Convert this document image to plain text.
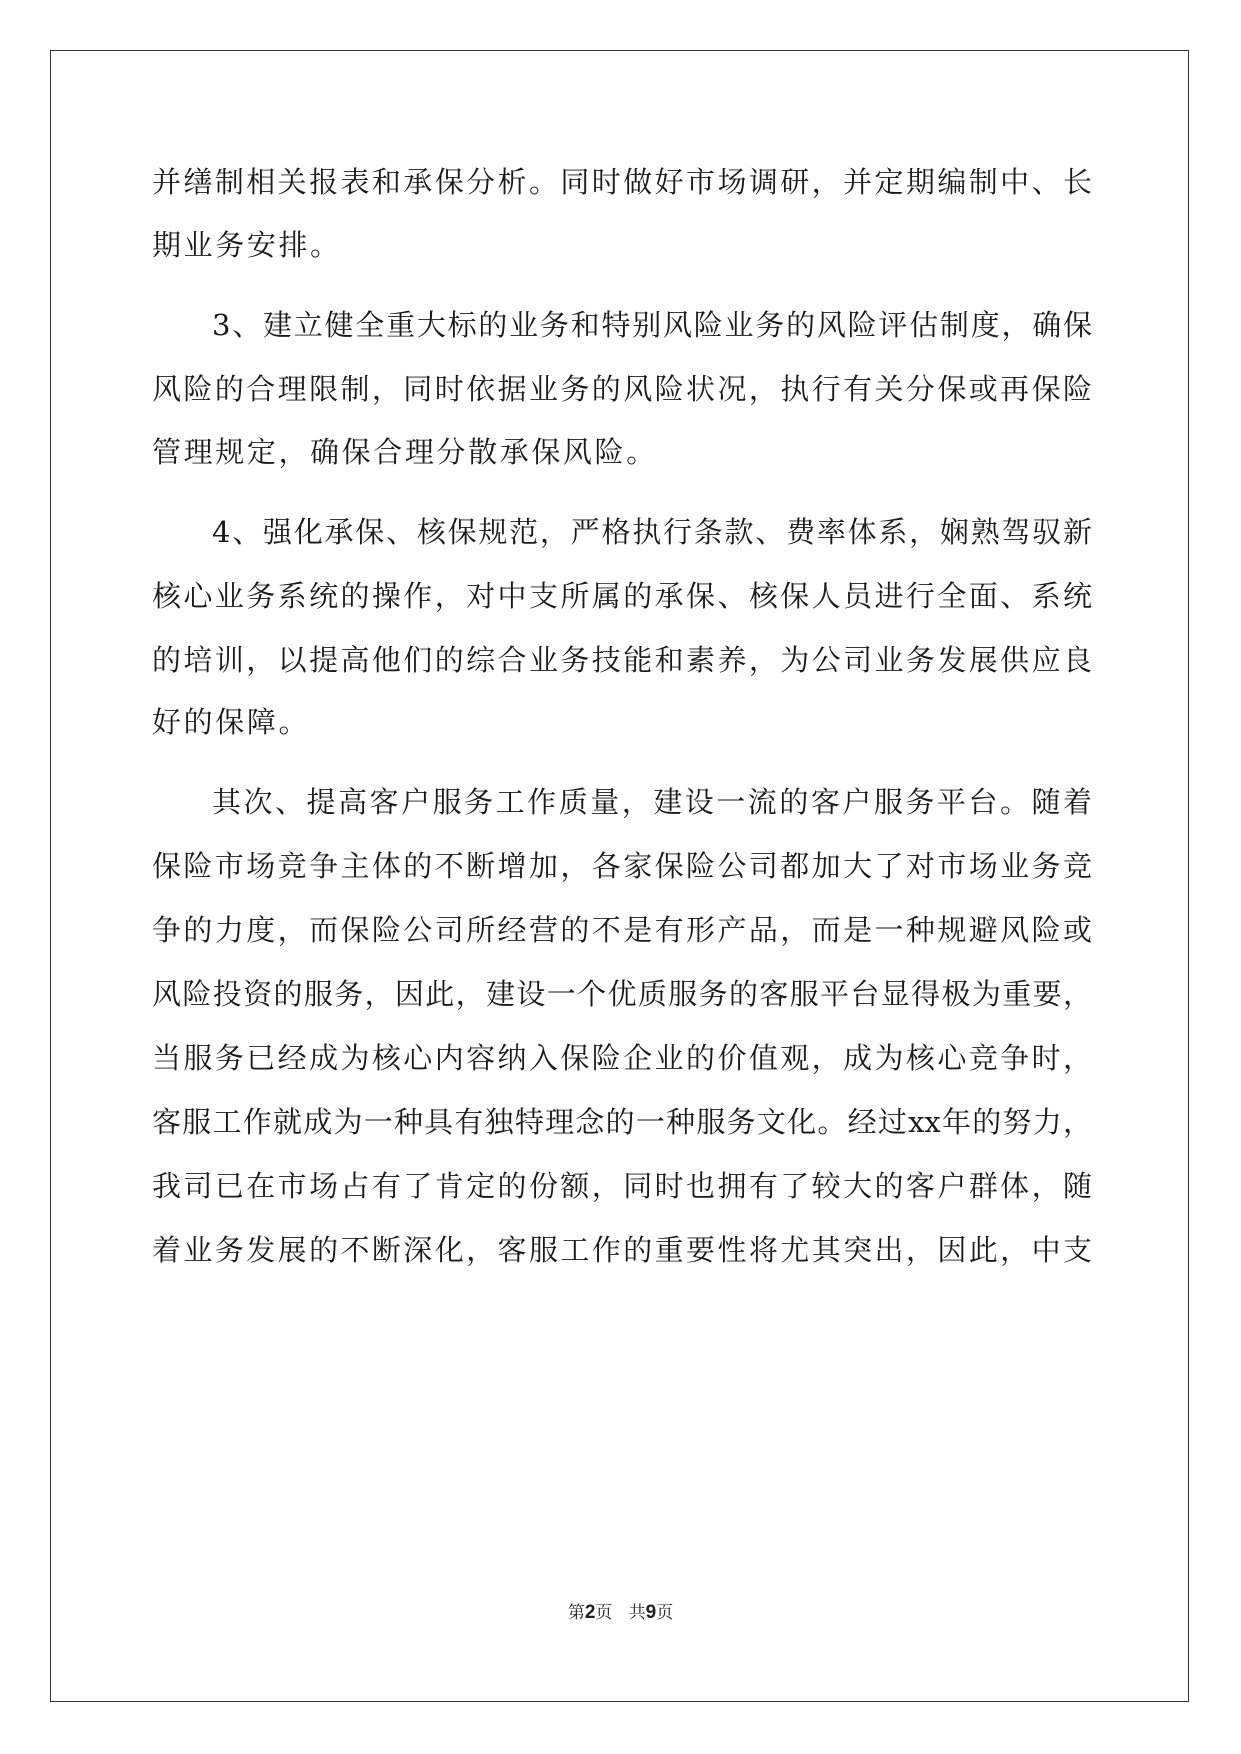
并缮制相关报表和承保分析。同时做好市场调研，并定期编制中、长
期业务安排。
3、建立健全重大标的业务和特别风险业务的风险评估制度，确保
风险的合理限制，同时依据业务的风险状况，执行有关分保或再保险
管理规定，确保合理分散承保风险。
4、强化承保、核保规范，严格执行条款、费率体系，娴熟驾驭新
核心业务系统的操作，对中支所属的承保、核保人员进行全面、系统
的培训，以提高他们的综合业务技能和素养，为公司业务发展供应良
好的保障。
其次、提高客户服务工作质量，建设一流的客户服务平台。随着
保险市场竞争主体的不断增加，各家保险公司都加大了对市场业务竞
争的力度，而保险公司所经营的不是有形产品，而是一种规避风险或
风险投资的服务，因此，建设一个优质服务的客服平台显得极为重要，
当服务已经成为核心内容纳入保险企业的价值观，成为核心竞争时，
客服工作就成为一种具有独特理念的一种服务文化。经过xx年的努力，
我司已在市场占有了肯定的份额，同时也拥有了较大的客户群体，随
着业务发展的不断深化，客服工作的重要性将尤其突出，因此，中支
第2页   共9页
